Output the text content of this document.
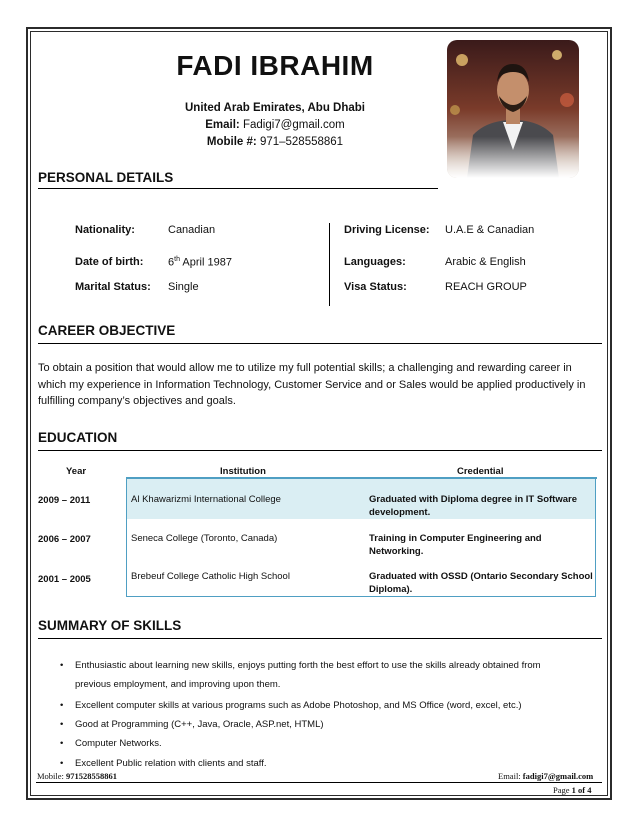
FADI IBRAHIM
United Arab Emirates, Abu Dhabi
Email: Fadigi7@gmail.com
Mobile #: 971–528558861
PERSONAL DETAILS
Nationality:	Canadian
Date of birth: 6th April 1987
Marital Status: Single
Driving License: U.A.E & Canadian
Languages:	Arabic & English
Visa Status:	REACH GROUP
CAREER OBJECTIVE
To obtain a position that would allow me to utilize my full potential skills; a challenging and rewarding career in
which my experience in Information Technology, Customer Service and or Sales would be applied productively in
fulfilling company’s objectives and goals.
EDUCATION
Year	Institution	Credential
2009 – 2011	Al Khawarizmi International College	Graduated with Diploma degree in IT Software
development.
2006 – 2007	Seneca College (Toronto, Canada)	Training in Computer Engineering and
Networking.
2001 – 2005	Brebeuf College Catholic High School	Graduated with OSSD (Ontario Secondary School
Diploma).
SUMMARY OF SKILLS
• Enthusiastic about learning new skills, enjoys putting forth the best effort to use the skills already obtained from
previous employment, and improving upon them.
• Excellent computer skills at various programs such as Adobe Photoshop, and MS Office (word, excel, etc.)
• Good at Programming (C++, Java, Oracle, ASP.net, HTML)
• Computer Networks.
• Excellent Public relation with clients and staff.
Mobile: 971528558861	Email: fadigi7@gmail.com
Page 1 of 4
